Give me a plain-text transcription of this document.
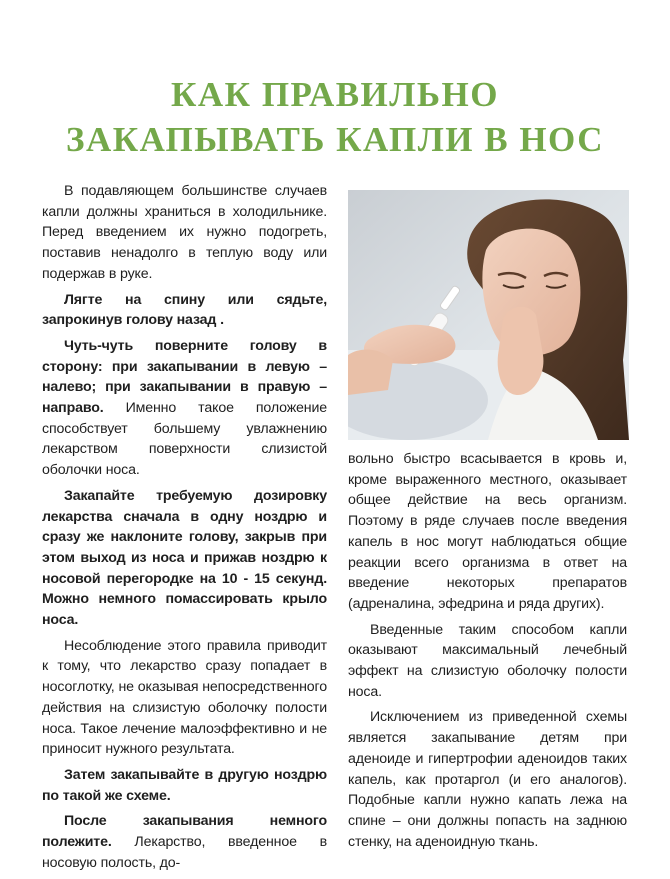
КАК ПРАВИЛЬНО
ЗАКАПЫВАТЬ КАПЛИ В НОС

В подавляющем большинстве случаев капли должны храниться в холодильнике. Перед введением их нужно подогреть, поставив ненадолго в теплую воду или подержав в руке.

Лягте на спину или сядьте, запрокинув голову назад .

Чуть-чуть поверните голову в сторону: при закапывании в левую – налево; при закапывании в правую – направо. Именно такое положение способствует большему увлажнению лекарством поверхности слизистой оболочки носа.

Закапайте требуемую дозировку лекарства сначала в одну ноздрю и сразу же наклоните голову, закрыв при этом выход из носа и прижав ноздрю к носовой перегородке на 10 - 15 секунд. Можно немного помассировать крыло носа.

Несоблюдение этого правила приводит к тому, что лекарство сразу попадает в носоглотку, не оказывая непосредственного действия на слизистую оболочку полости носа. Такое лечение малоэффективно и не приносит нужного результата.

Затем закапывайте в другую ноздрю по такой же схеме.

После закапывания немного полежите. Лекарство, введенное в носовую полость, до-

вольно быстро всасывается в кровь и, кроме выраженного местного, оказывает общее действие на весь организм. Поэтому в ряде случаев после введения капель в нос могут наблюдаться общие реакции всего организма в ответ на введение некоторых препаратов (адреналина, эфедрина и ряда других).

Введенные таким способом капли оказывают максимальный лечебный эффект на слизистую оболочку полости носа.

Исключением из приведенной схемы является закапывание детям при аденоиде и гипертрофии аденоидов таких капель, как протаргол (и его аналогов). Подобные капли нужно капать лежа на спине – они должны попасть на заднюю стенку, на аденоидную ткань.
